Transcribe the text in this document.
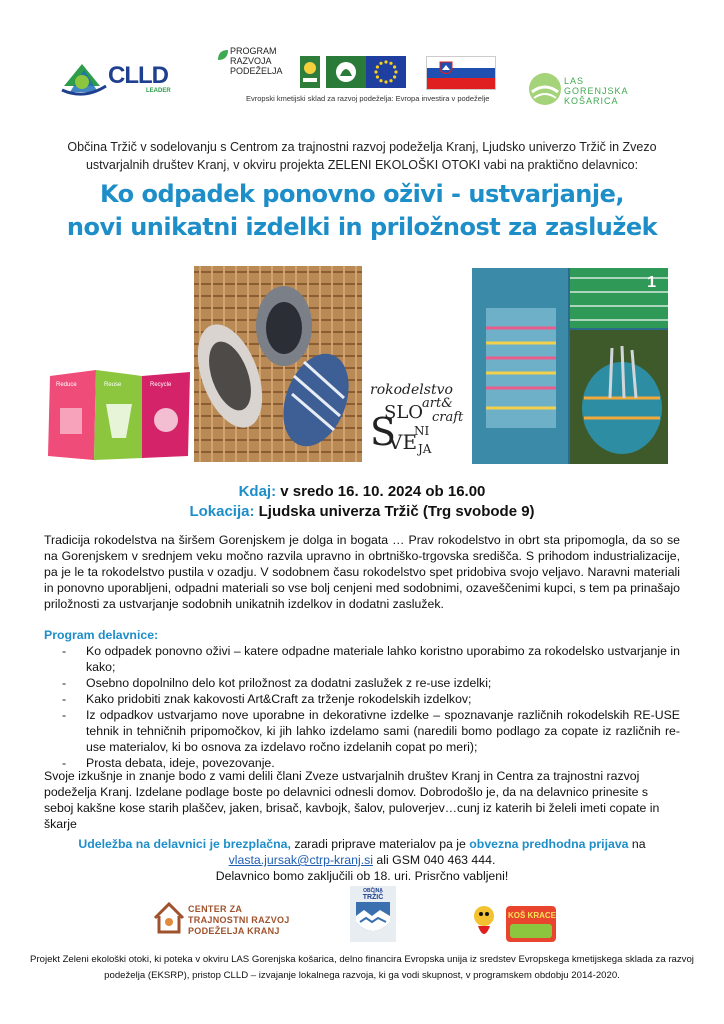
CLLD
LEADER
PROGRAM
RAZVOJA
PODEŽELJA
Evropski kmetijski sklad za razvoj podeželja: Evropa investira v podeželje
LAS
GORENJSKA
KOŠARICA
Občina Tržič v sodelovanju s Centrom za trajnostni razvoj podeželja Kranj, Ljudsko univerzo Tržič in Zvezo ustvarjalnih društev Kranj, v okviru projekta ZELENI EKOLOŠKI OTOKI vabi na praktično delavnico:
Ko odpadek ponovno oživi - ustvarjanje,
novi unikatni izdelki in priložnost za zaslužek
Reduce	Reuse	Recycle	rokodelstvo
art&
craft
SLO
S
VE
NI
JA
1
Kdaj: v sredo 16. 10. 2024 ob 16.00
Lokacija: Ljudska univerza Tržič (Trg svobode 9)
Tradicija rokodelstva na širšem Gorenjskem je dolga in bogata … Prav rokodelstvo in obrt sta pripomogla, da so se na Gorenjskem v srednjem veku močno razvila upravno in obrtniško-trgovska središča. S prihodom industrializacije, pa je le ta rokodelstvo pustila v ozadju. V sodobnem času rokodelstvo spet pridobiva svojo veljavo. Naravni materiali in ponovno uporabljeni, odpadni materiali so vse bolj cenjeni med sodobnimi, ozaveščenimi kupci, s tem pa prinašajo priložnosti za ustvarjanje sodobnih unikatnih izdelkov in dodatni zaslužek.
Program delavnice:
- Ko odpadek ponovno oživi – katere odpadne materiale lahko koristno uporabimo za rokodelsko ustvarjanje in kako;
- Osebno dopolnilno delo kot priložnost za dodatni zaslužek z re-use izdelki;
- Kako pridobiti znak kakovosti Art&Craft za trženje rokodelskih izdelkov;
- Iz odpadkov ustvarjamo nove uporabne in dekorativne izdelke – spoznavanje različnih rokodelskih RE-USE tehnik in tehničnih pripomočkov, ki jih lahko izdelamo sami (naredili bomo podlago za copate iz različnih re-use materialov, ki bo osnova za izdelavo ročno izdelanih copat po meri);
- Prosta debata, ideje, povezovanje.
Svoje izkušnje in znanje bodo z vami delili člani Zveze ustvarjalnih društev Kranj in Centra za trajnostni razvoj podeželja Kranj. Izdelane podlage boste po delavnici odnesli domov. Dobrodošlo je, da na delavnico prinesite s seboj kakšne kose starih plaščev, jaken, brisač, kavbojk, šalov, puloverjev…cunj iz katerih bi želeli imeti copate in škarje
Udeležba na delavnici je brezplačna, zaradi priprave materialov pa je obvezna predhodna prijava na
vlasta.jursak@ctrp-kranj.si ali GSM 040 463 444.
Delavnico bomo zaključili ob 18. uri. Prisrčno vabljeni!
CENTER ZA
TRAJNOSTNI RAZVOJ
PODEŽELJA KRANJ
OBČINA
TRŽIČ
KOŠ KRACE
Projekt Zeleni ekološki otoki, ki poteka v okviru LAS Gorenjska košarica, delno financira Evropska unija iz sredstev Evropskega kmetijskega sklada za razvoj podeželja (EKSRP), pristop CLLD – izvajanje lokalnega razvoja, ki ga vodi skupnost, v programskem obdobju 2014-2020.
